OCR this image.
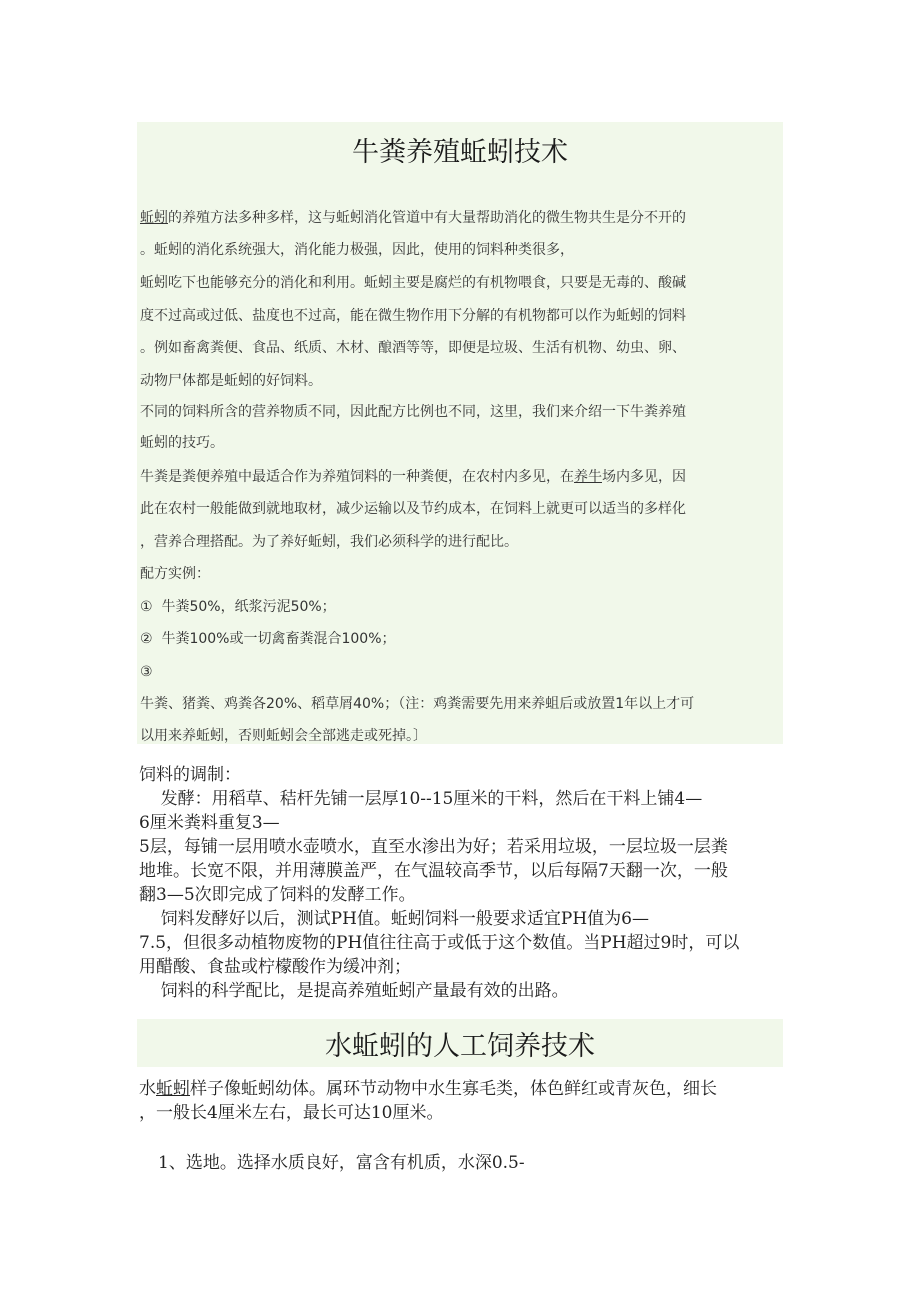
牛粪养殖蚯蚓技术
蚯蚓的养殖方法多种多样，这与蚯蚓消化管道中有大量帮助消化的微生物共生是分不开的
。蚯蚓的消化系统强大，消化能力极强，因此，使用的饲料种类很多，
蚯蚓吃下也能够充分的消化和利用。蚯蚓主要是腐烂的有机物喂食，只要是无毒的、酸碱
度不过高或过低、盐度也不过高，能在微生物作用下分解的有机物都可以作为蚯蚓的饲料
。例如畜禽粪便、食品、纸质、木材、酿酒等等，即便是垃圾、生活有机物、幼虫、卵、
动物尸体都是蚯蚓的好饲料。
不同的饲料所含的营养物质不同，因此配方比例也不同，这里，我们来介绍一下牛粪养殖
蚯蚓的技巧。
牛粪是粪便养殖中最适合作为养殖饲料的一种粪便，在农村内多见，在养牛场内多见，因
此在农村一般能做到就地取材，减少运输以及节约成本，在饲料上就更可以适当的多样化
，营养合理搭配。为了养好蚯蚓，我们必须科学的进行配比。
配方实例：
①  牛粪50%，纸浆污泥50%；
②  牛粪100%或一切禽畜粪混合100%；
③
牛粪、猪粪、鸡粪各20%、稻草屑40%；（注：鸡粪需要先用来养蛆后或放置1年以上才可
以用来养蚯蚓，否则蚯蚓会全部逃走或死掉。〕
饲料的调制：
发酵：用稻草、秸杆先铺一层厚10--15厘米的干料，然后在干料上铺4—
6厘米粪料重复3—
5层，每铺一层用喷水壶喷水，直至水渗出为好；若采用垃圾，一层垃圾一层粪
地堆。长宽不限，并用薄膜盖严，在气温较高季节，以后每隔7天翻一次，一般
翻3—5次即完成了饲料的发酵工作。
饲料发酵好以后，测试PH值。蚯蚓饲料一般要求适宜PH值为6—
7.5，但很多动植物废物的PH值往往高于或低于这个数值。当PH超过9时，可以
用醋酸、食盐或柠檬酸作为缓冲剂；
饲料的科学配比，是提高养殖蚯蚓产量最有效的出路。
水蚯蚓的人工饲养技术
水蚯蚓样子像蚯蚓幼体。属环节动物中水生寡毛类，体色鲜红或青灰色，细长
，一般长4厘米左右，最长可达10厘米。
1、选地。选择水质良好，富含有机质，水深0.5-
